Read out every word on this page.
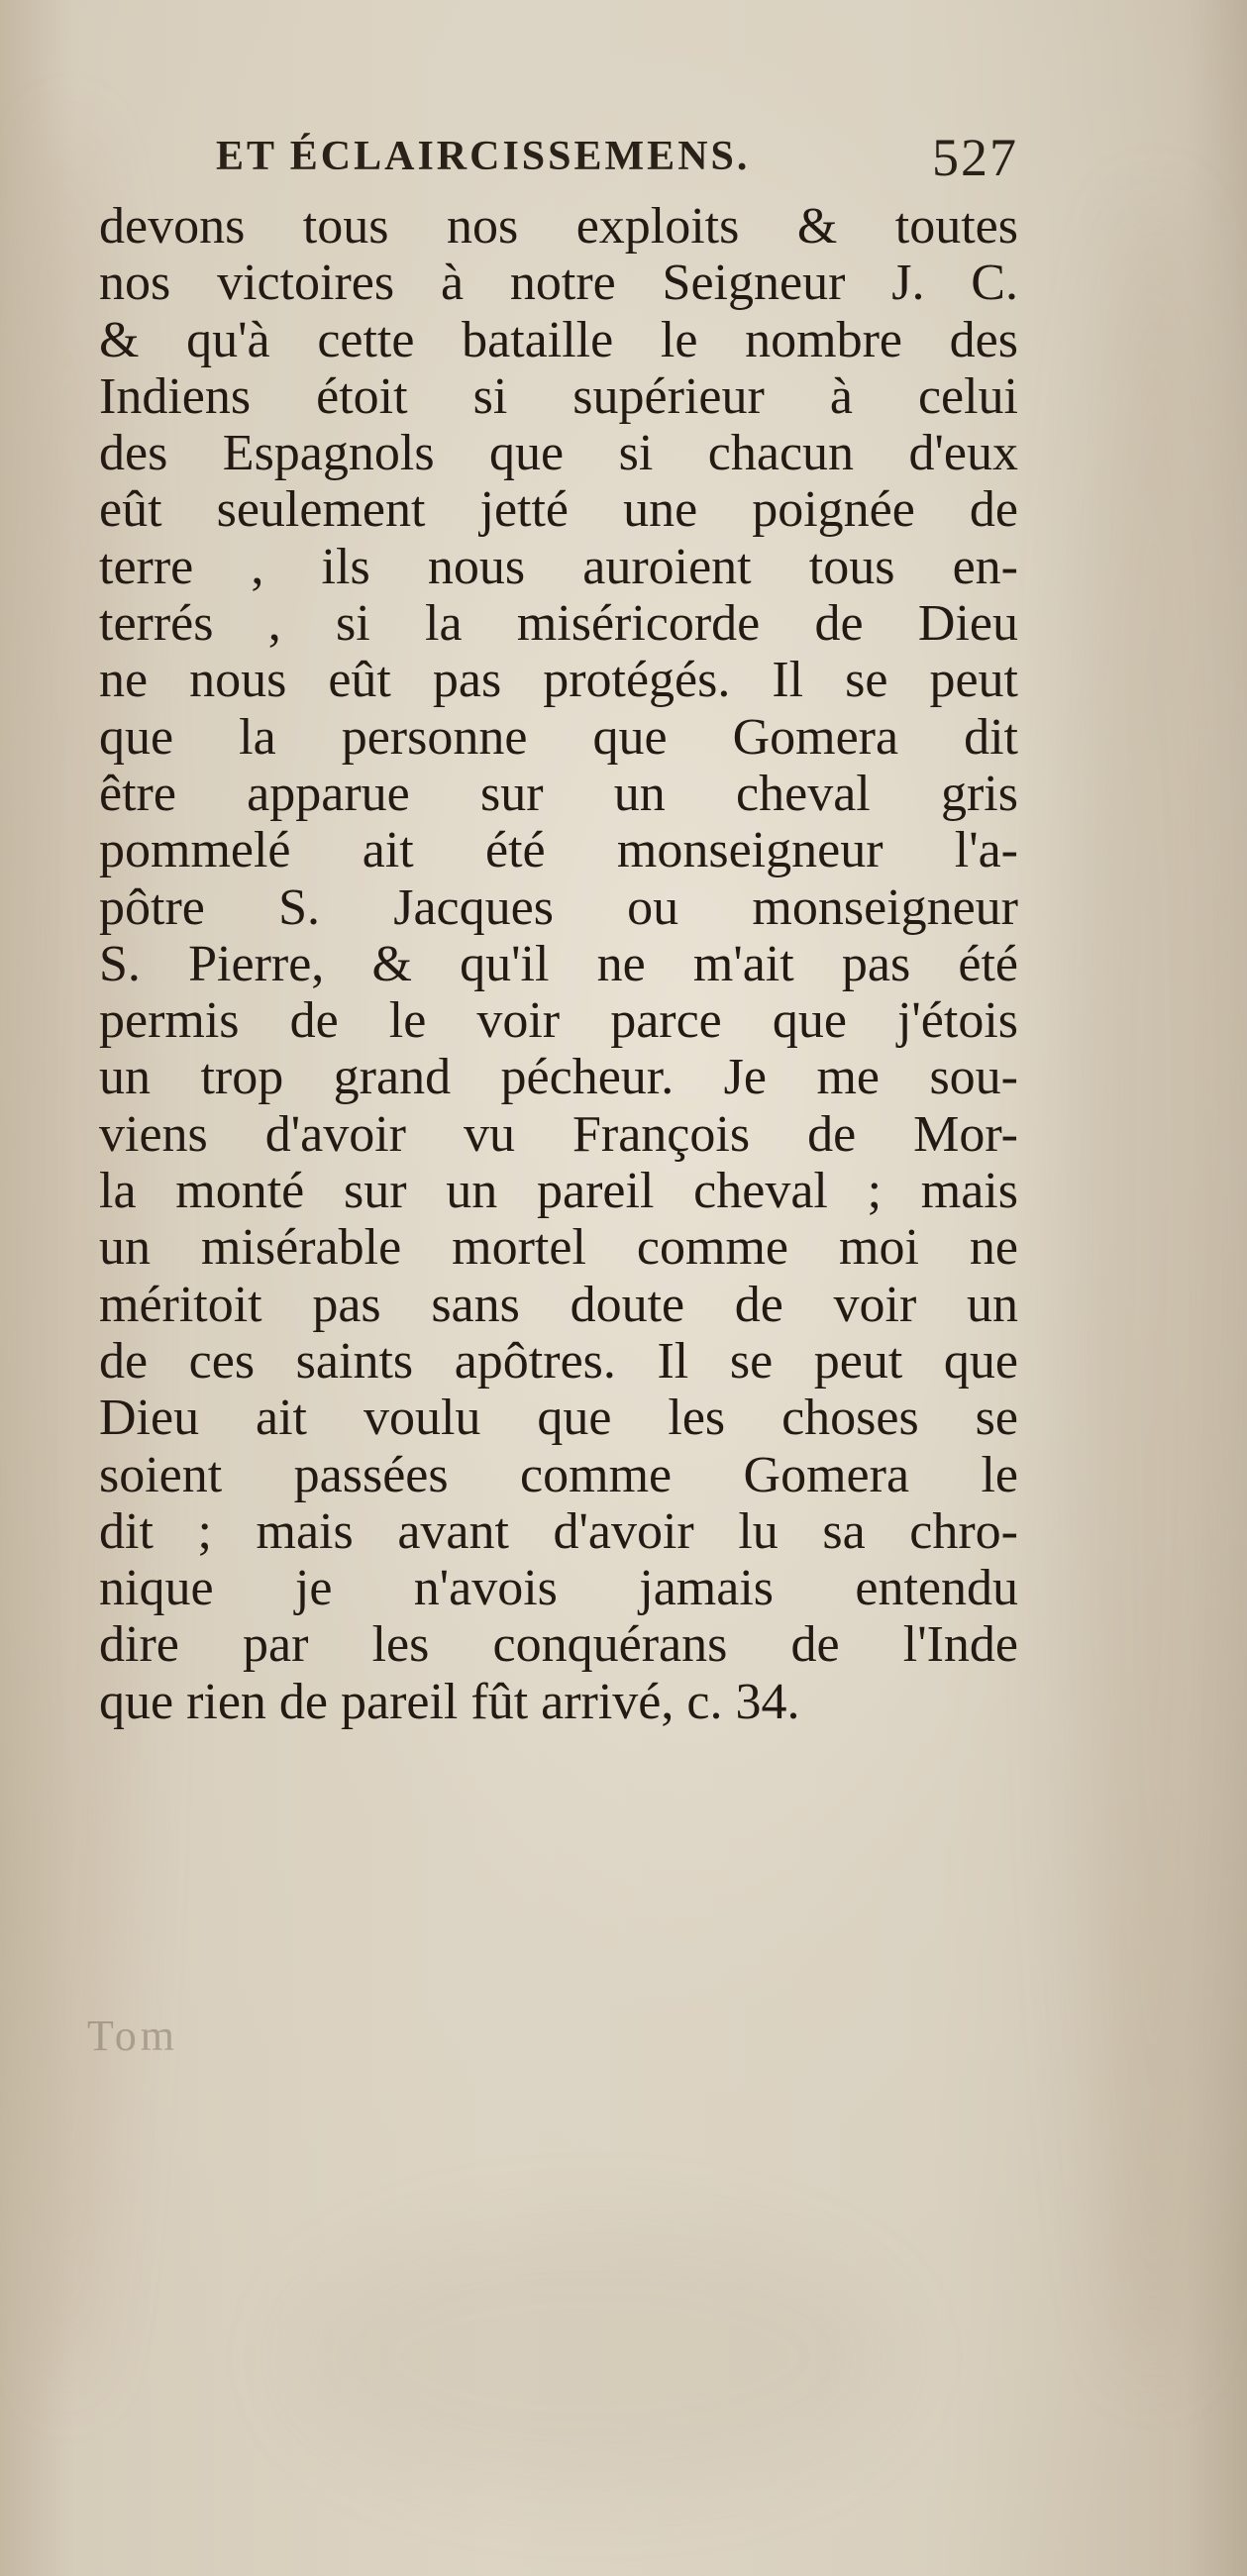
ET ÉCLAIRCISSEMENS.	527
devons tous nos exploits & toutes
nos victoires à notre Seigneur J. C.
& qu'à cette bataille le nombre des
Indiens étoit si supérieur à celui
des Espagnols que si chacun d'eux
eût seulement jetté une poignée de
terre , ils nous auroient tous en-
terrés , si la miséricorde de Dieu
ne nous eût pas protégés. Il se peut
que la personne que Gomera dit
être apparue sur un cheval gris
pommelé ait été monseigneur l'a-
pôtre S. Jacques ou monseigneur
S. Pierre, & qu'il ne m'ait pas été
permis de le voir parce que j'étois
un trop grand pécheur. Je me sou-
viens d'avoir vu François de Mor-
la monté sur un pareil cheval ; mais
un misérable mortel comme moi ne
méritoit pas sans doute de voir un
de ces saints apôtres. Il se peut que
Dieu ait voulu que les choses se
soient passées comme Gomera le
dit ; mais avant d'avoir lu sa chro-
nique je n'avois jamais entendu
dire par les conquérans de l'Inde
que rien de pareil fût arrivé, c. 34.
Tom
